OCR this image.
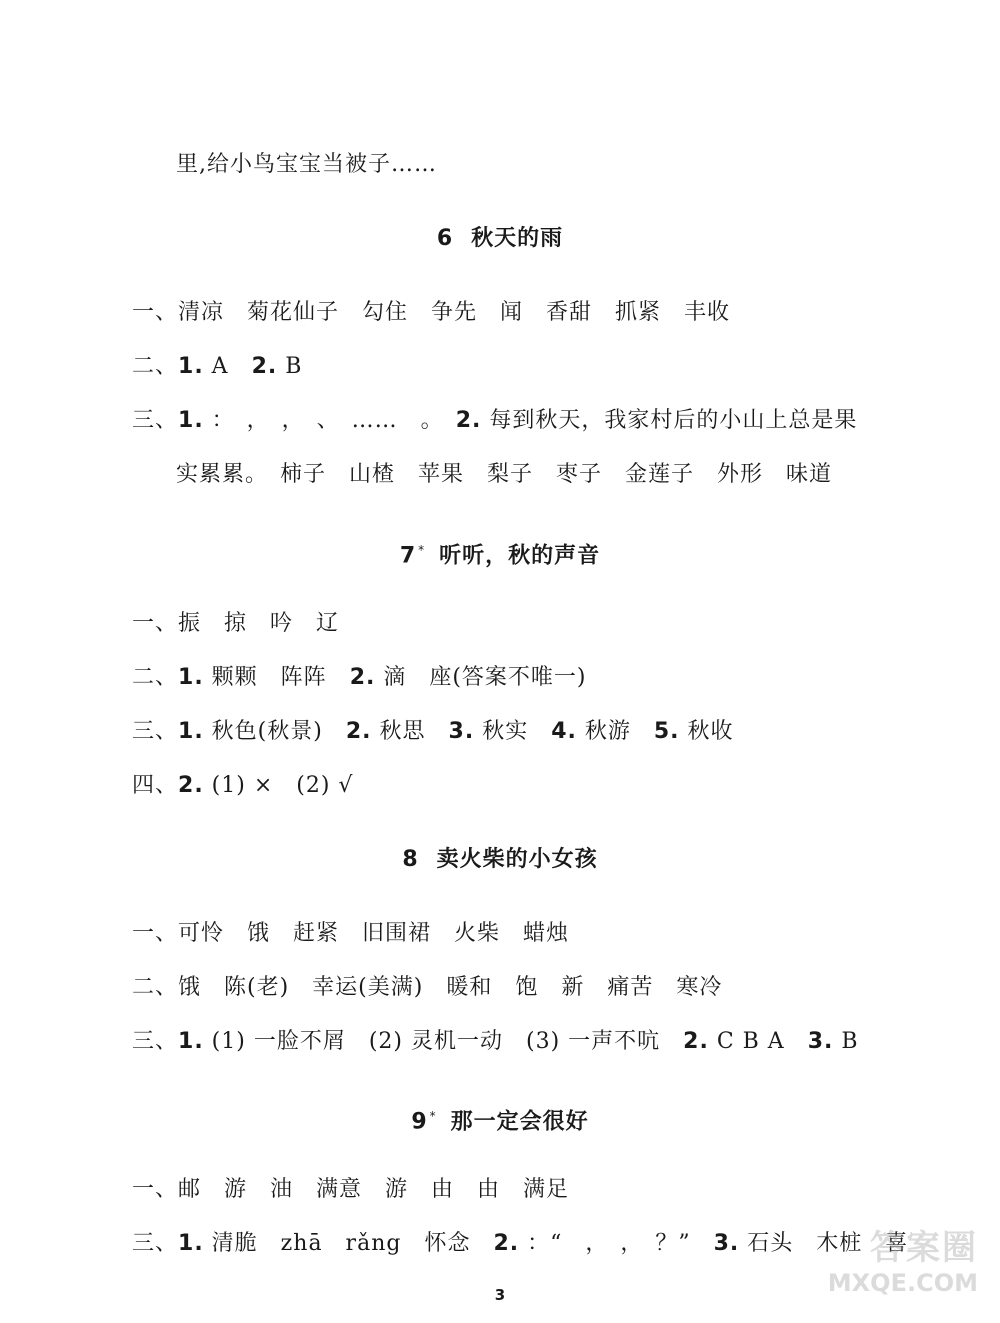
里,给小鸟宝宝当被子……
6 秋天的雨
一、清凉　菊花仙子　勾住　争先　闻　香甜　抓紧　丰收
二、1. A　2. B
三、1. ：　，　，　、　……　。　2. 每到秋天，我家村后的小山上总是果
实累累。　柿子　山楂　苹果　梨子　枣子　金莲子　外形　味道
7 * 听听，秋的声音
一、振　掠　吟　辽
二、1. 颗颗　阵阵　2. 滴　座(答案不唯一)
三、1. 秋色(秋景)　2. 秋思　3. 秋实　4. 秋游　5. 秋收
四、2. (1) ×　(2) √
8 卖火柴的小女孩
一、可怜　饿　赶紧　旧围裙　火柴　蜡烛
二、饿　陈(老)　幸运(美满)　暖和　饱　新　痛苦　寒冷
三、1. (1) 一脸不屑　(2) 灵机一动　(3) 一声不吭　2. C B A　3. B
9 * 那一定会很好
一、邮　游　油　满意　游　由　由　满足
三、1. 清脆　zhā　rǎng　怀念　2. ：“　，　，　？”　3. 石头　木桩　喜
3
答案圈
MXQE.COM
